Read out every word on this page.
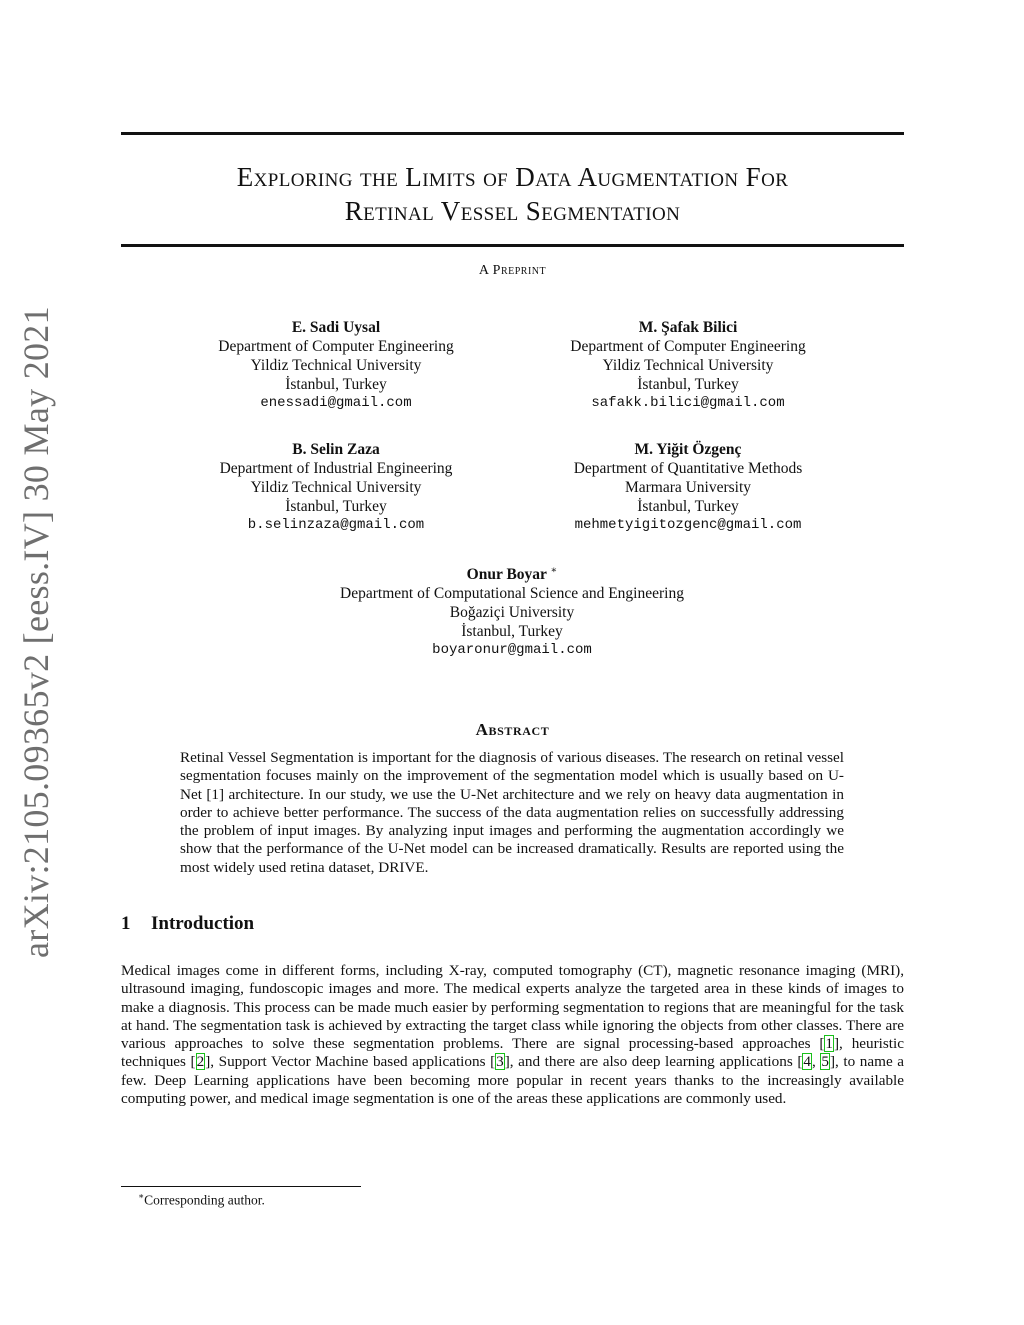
arXiv:2105.09365v2 [eess.IV] 30 May 2021
Exploring the Limits of Data Augmentation For
Retinal Vessel Segmentation
A Preprint
E. Sadi Uysal
Department of Computer Engineering
Yildiz Technical University
İstanbul, Turkey
enessadi@gmail.com
M. Şafak Bilici
Department of Computer Engineering
Yildiz Technical University
İstanbul, Turkey
safakk.bilici@gmail.com
B. Selin Zaza
Department of Industrial Engineering
Yildiz Technical University
İstanbul, Turkey
b.selinzaza@gmail.com
M. Yiğit Özgenç
Department of Quantitative Methods
Marmara University
İstanbul, Turkey
mehmetyigitozgenc@gmail.com
Onur Boyar ∗
Department of Computational Science and Engineering
Boğaziçi University
İstanbul, Turkey
boyaronur@gmail.com
Abstract

Retinal Vessel Segmentation is important for the diagnosis of various diseases. The research on retinal vessel segmentation focuses mainly on the improvement of the segmentation model which is usually based on U-Net [1] architecture. In our study, we use the U-Net architecture and we rely on heavy data augmentation in order to achieve better performance. The success of the data augmentation relies on successfully addressing the problem of input images. By analyzing input images and performing the augmentation accordingly we show that the performance of the U-Net model can be increased dramatically. Results are reported using the most widely used retina dataset, DRIVE.

1 Introduction

Medical images come in different forms, including X-ray, computed tomography (CT), magnetic resonance imaging (MRI), ultrasound imaging, fundoscopic images and more. The medical experts analyze the targeted area in these kinds of images to make a diagnosis. This process can be made much easier by performing segmentation to regions that are meaningful for the task at hand. The segmentation task is achieved by extracting the target class while ignoring the objects from other classes. There are various approaches to solve these segmentation problems. There are signal processing-based approaches [1], heuristic techniques [2], Support Vector Machine based applications [3], and there are also deep learning applications [4, 5], to name a few. Deep Learning applications have been becoming more popular in recent years thanks to the increasingly available computing power, and medical image segmentation is one of the areas these applications are commonly used.

∗Corresponding author.
